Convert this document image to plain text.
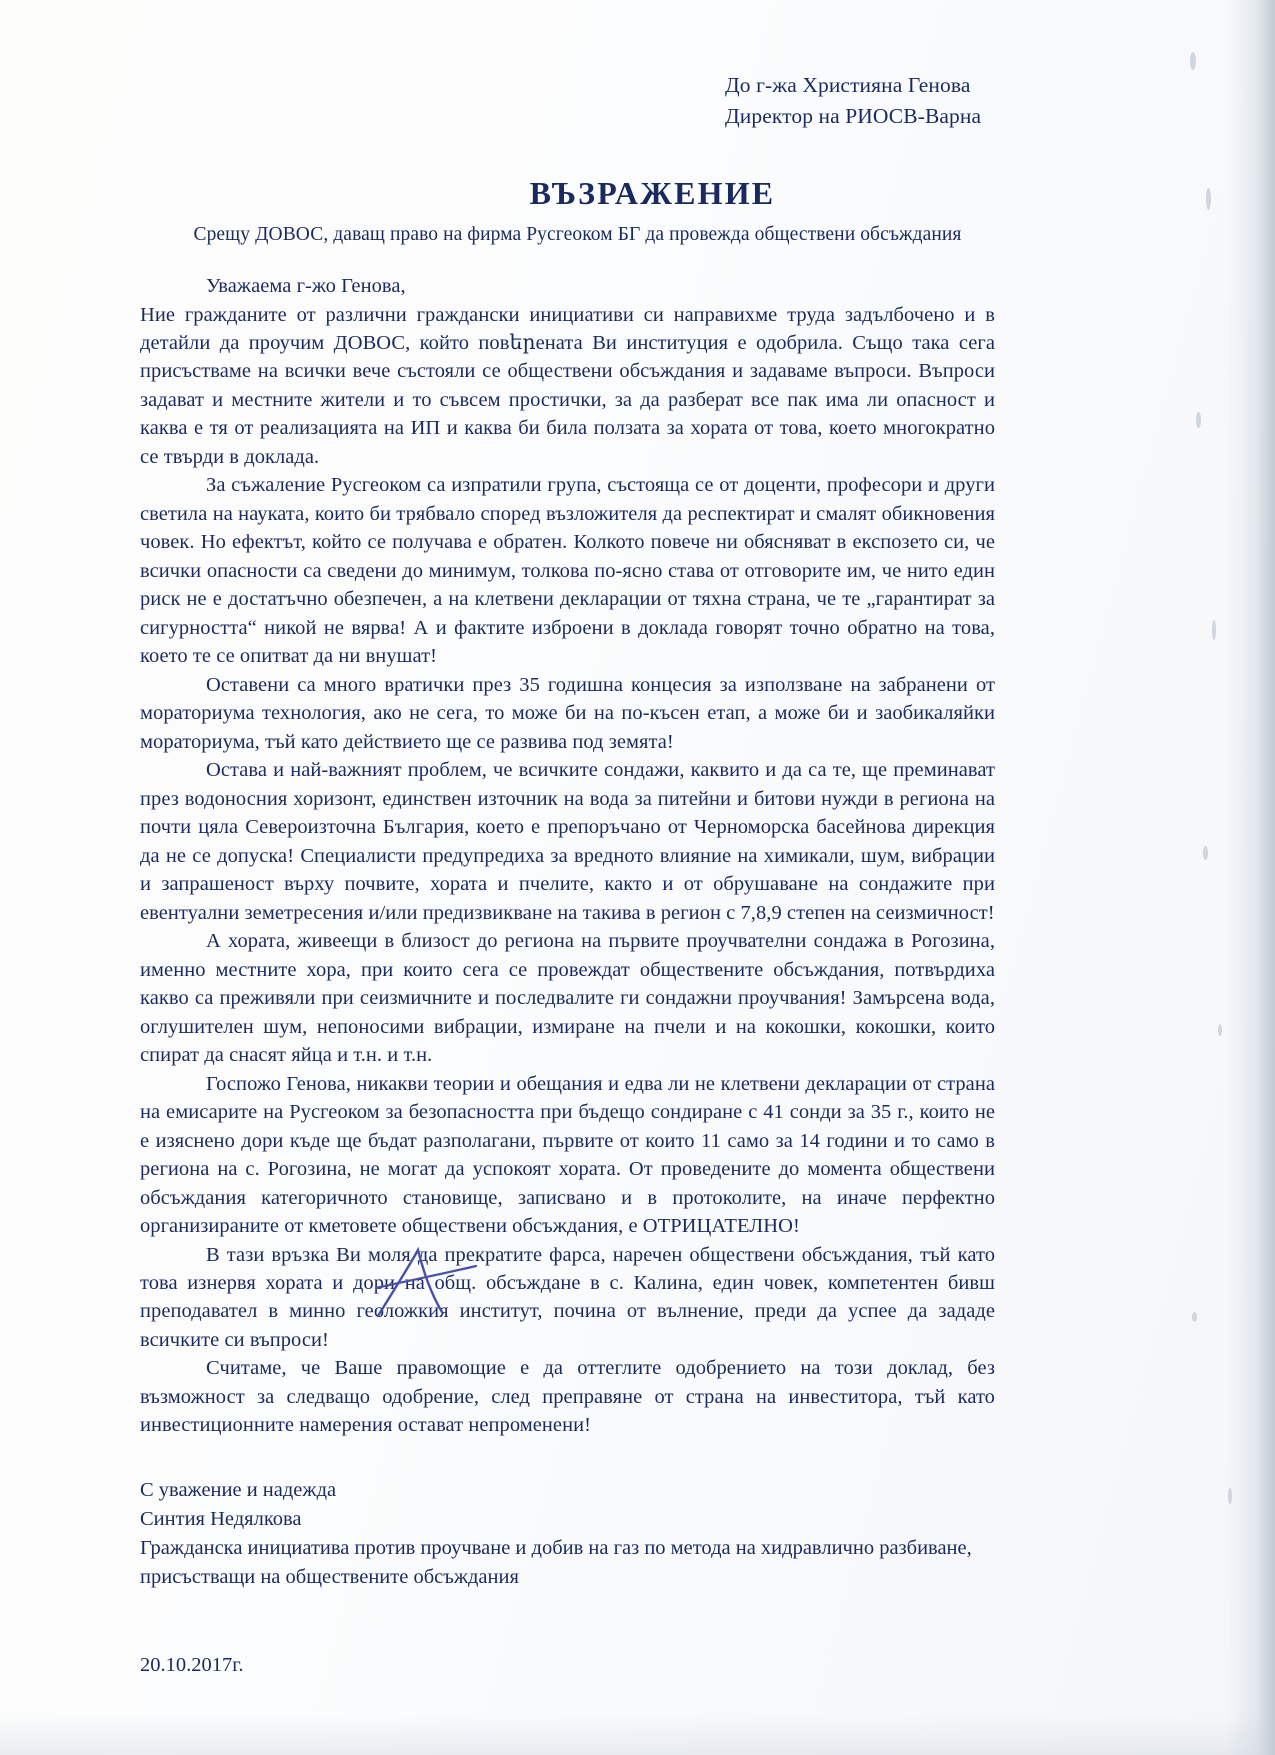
До г-жа Християна Генова
Директор на РИОСВ-Варна
ВЪЗРАЖЕНИЕ
Срещу ДОВОС, даващ право на фирма Русгеоком БГ да провежда обществени обсъждания

Уважаема г-жо Генова,

Ние гражданите от различни граждански инициативи си направихме труда задълбочено и в детайли да проучим ДОВОС, който повերената Ви институция е одобрила. Също така сега присъстваме на всички вече състояли се обществени обсъждания и задаваме въпроси. Въпроси задават и местните жители и то съвсем простички, за да разберат все пак има ли опасност и каква е тя от реализацията на ИП и каква би била ползата за хората от това, което многократно се твърди в доклада.

За съжаление Русгеоком са изпратили група, състояща се от доценти, професори и други светила на науката, които би трябвало според възложителя да респектират и смалят обикновения човек. Но ефектът, който се получава е обратен. Колкото повече ни обясняват в експозето си, че всички опасности са сведени до минимум, толкова по-ясно става от отговорите им, че нито един риск не е достатъчно обезпечен, а на клетвени декларации от тяхна страна, че те „гарантират за сигурността“ никой не вярва! А и фактите изброени в доклада говорят точно обратно на това, което те се опитват да ни внушат!

Оставени са много вратички през 35 годишна концесия за използване на забранени от мораториума технология, ако не сега, то може би на по-късен етап, а може би и заобикаляйки мораториума, тъй като действието ще се развива под земята!

Остава и най-важният проблем, че всичките сондажи, каквито и да са те, ще преминават през водоносния хоризонт, единствен източник на вода за питейни и битови нужди в региона на почти цяла Североизточна България, което е препоръчано от Черноморска басейнова дирекция да не се допуска! Специалисти предупредиха за вредното влияние на химикали, шум, вибрации и запрашеност върху почвите, хората и пчелите, както и от обрушаване на сондажите при евентуални земетресения и/или предизвикване на такива в регион с 7,8,9 степен на сеизмичност!

А хората, живеещи в близост до региона на първите проучвателни сондажа в Рогозина, именно местните хора, при които сега се провеждат обществените обсъждания, потвърдиха какво са преживяли при сеизмичните и последвалите ги сондажни проучвания! Замърсена вода, оглушителен шум, непоносими вибрации, измиране на пчели и на кокошки, кокошки, които спират да снасят яйца и т.н. и т.н.

Госпожо Генова, никакви теории и обещания и едва ли не клетвени декларации от страна на емисарите на Русгеоком за безопасността при бъдещо сондиране с 41 сонди за 35 г., които не е изяснено дори къде ще бъдат разполагани, първите от които 11 само за 14 години и то само в региона на с. Рогозина, не могат да успокоят хората. От проведените до момента обществени обсъждания категоричното становище, записвано и в протоколите, на иначе перфектно организираните от кметовете обществени обсъждания, е ОТРИЦАТЕЛНО!

В тази връзка Ви моля да прекратите фарса, наречен обществени обсъждания, тъй като това изнервя хората и дори на общ. обсъждане в с. Калина, един човек, компетентен бивш преподавател в минно геоложкия институт, почина от вълнение, преди да успее да зададе всичките си въпроси!

Считаме, че Ваше правомощие е да оттеглите одобрението на този доклад, без възможност за следващо одобрение, след преправяне от страна на инвеститора, тъй като инвестиционните намерения остават непроменени!

С уважение и надежда
Синтия Недялкова
Гражданска инициатива против проучване и добив на газ по метода на хидравлично разбиване,
присъстващи на обществените обсъждания
20.10.2017г.
